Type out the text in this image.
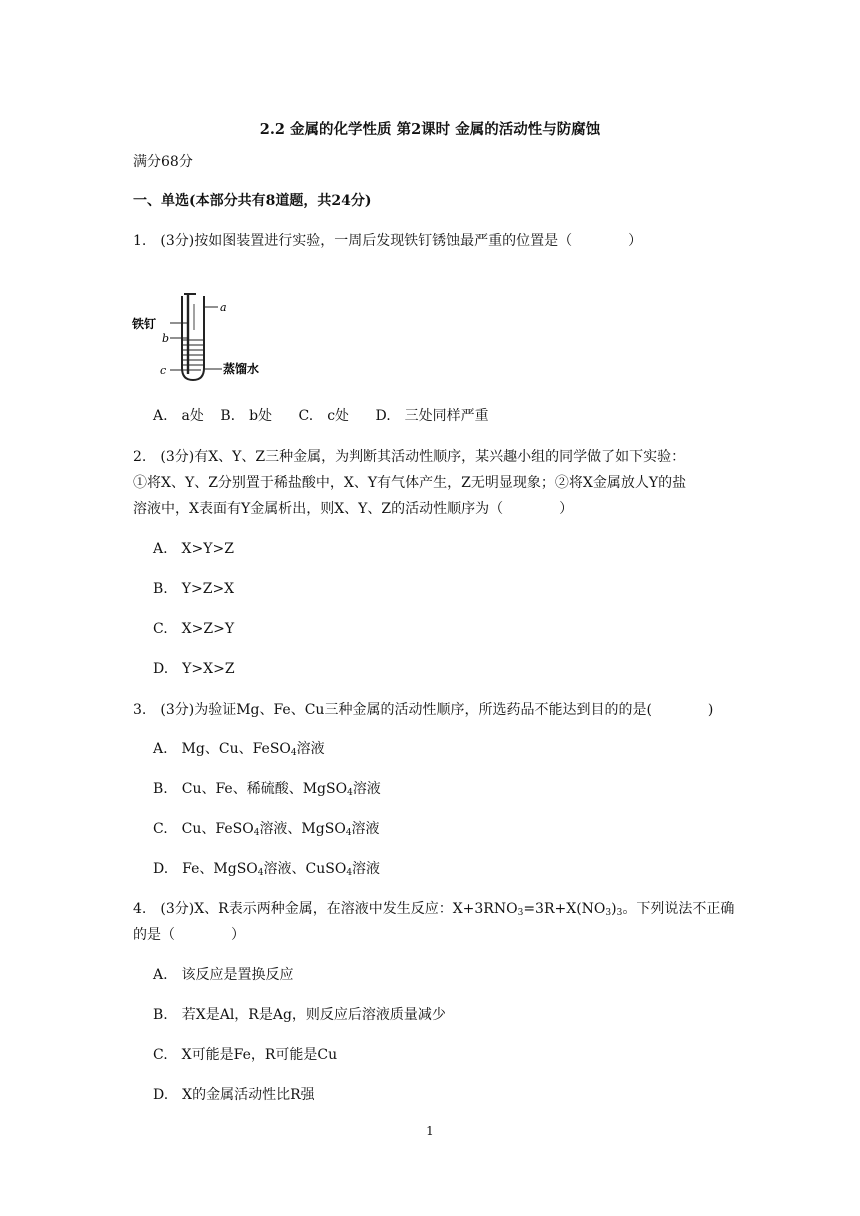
2.2 金属的化学性质 第2课时 金属的活动性与防腐蚀
满分68分
一、单选(本部分共有8道题，共24分)
1.　(3分)按如图装置进行实验，一周后发现铁钉锈蚀最严重的位置是（　　　　）
a
铁钉
b
c	蒸馏水
A.　a处 B.　b处 C.　c处 D.　三处同样严重
2.　(3分)有X、Y、Z三种金属，为判断其活动性顺序，某兴趣小组的同学做了如下实验：
①将X、Y、Z分别置于稀盐酸中，X、Y有气体产生，Z无明显现象；②将X金属放人Y的盐
溶液中，X表面有Y金属析出，则X、Y、Z的活动性顺序为（　　　　）
A.　X>Y>Z
B.　Y>Z>X
C.　X>Z>Y
D.　Y>X>Z
3.　(3分)为验证Mg、Fe、Cu三种金属的活动性顺序，所选药品不能达到目的的是(　　　　)
A.　Mg、Cu、FeSO$_4$溶液
B.　Cu、Fe、稀硫酸、MgSO$_4$溶液
C.　Cu、FeSO$_4$溶液、MgSO$_4$溶液
D.　Fe、MgSO$_4$溶液、CuSO$_4$溶液
4.　(3分)X、R表示两种金属，在溶液中发生反应：$X+3RNO_3=3R+X(NO_3)_3$。下列说法不正确
的是（　　　　）
A.　该反应是置换反应
B.　若X是Al，R是Ag，则反应后溶液质量减少
C.　X可能是Fe，R可能是Cu
D.　X的金属活动性比R强
1
